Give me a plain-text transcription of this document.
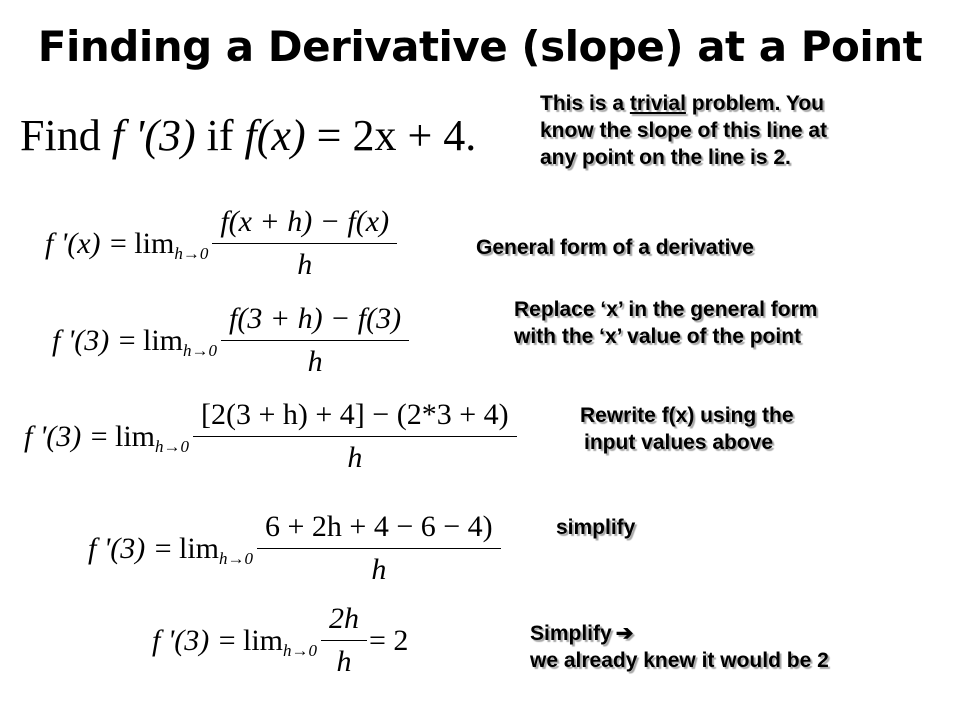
Finding a Derivative (slope) at a Point
Find f '(3) if f(x) = 2x + 4.
This is a trivial problem. You
know the slope of this line at
any point on the line is 2.
f '$(x) = \lim_{h\to 0} \frac{f(x + h) - f(x)}{h}$	General form of a derivative
f '$(3) = \lim_{h\to 0} \frac{f(3 + h) - f(3)}{h}$	Replace ‘x’ in the general form
with the ‘x’ value of the point
f '$(3) = \lim_{h\to 0} \frac{[2(3 + h) + 4] - (2*3 + 4)}{h}$	Rewrite f(x) using the
input values above
f '$(3) = \lim_{h\to 0} \frac{6 + 2h + 4 - 6 - 4)}{h}$	simplify
f '$(3) = \lim_{h\to 0} \frac{2h}{h} = 2$	Simplify ➔
we already knew it would be 2
